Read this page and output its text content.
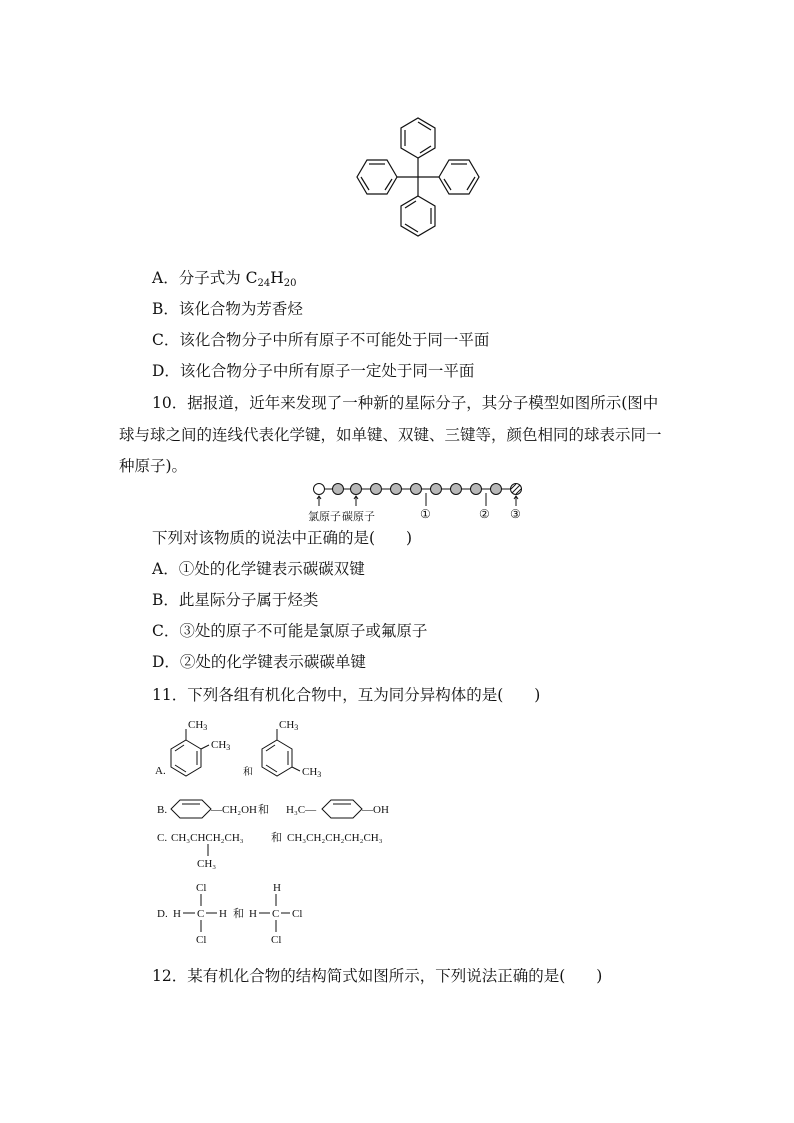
A．分子式为 $C_{24}H_{20}$
B．该化合物为芳香烃
C．该化合物分子中所有原子不可能处于同一平面
D．该化合物分子中所有原子一定处于同一平面
10．据报道，近年来发现了一种新的星际分子，其分子模型如图所示(图中
球与球之间的连线代表化学键，如单键、双键、三键等，颜色相同的球表示同一
种原子)。
氯原子 碳原子	①	② ③
下列对该物质的说法中正确的是(　　)
A．①处的化学键表示碳碳双键
B．此星际分子属于烃类
C．③处的原子不可能是氯原子或氟原子
D．②处的化学键表示碳碳单键
11．下列各组有机化合物中，互为同分异构体的是(　　)
CH3
CH3
CH3
CH3
A.	和
B.	—CH₂OH 和 H₃C—	—OH
C. CH₃CHCH₂CH₃ 和 CH₃CH₂CH₂CH₂CH₃
CH₃
D. H C H
Cl
Cl
和 H C Cl
H
Cl
12．某有机化合物的结构简式如图所示，下列说法正确的是(　　)
